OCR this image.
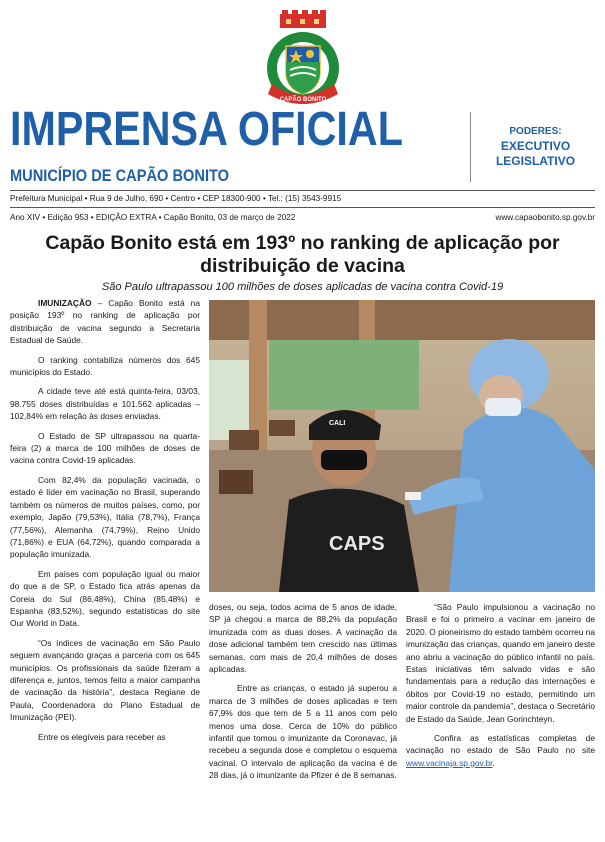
CAPÃO BONITO
IMPRENSA OFICIAL
MUNICÍPIO DE CAPÃO BONITO
PODERES:
EXECUTIVO
LEGISLATIVO
Prefeitura Municipal • Rua 9 de Julho, 690 • Centro • CEP 18300-900 • Tel.: (15) 3543-9915
Ano XIV • Edição 953 • EDIÇÃO EXTRA • Capão Bonito, 03 de março de 2022	www.capaobonito.sp.gov.br
Capão Bonito está em 193º no ranking de aplicação por distribuição de vacina
São Paulo ultrapassou 100 milhões de doses aplicadas de vacina contra Covid-19

IMUNIZAÇÃO – Capão Bonito está na posição 193º no ranking de aplicação por distribuição de vacina segundo a Secretaria Estadual de Saúde.

O ranking contabiliza números dos 645 municípios do Estado.

A cidade teve até está quinta-feira, 03/03, 98.755 doses distribuídas e 101.562 aplicadas – 102,84% em relação às doses enviadas.

O Estado de SP ultrapassou na quarta-feira (2) a marca de 100 milhões de doses de vacina contra Covid-19 aplicadas.

Com 82,4% da população vacinada, o estado é líder em vacinação no Brasil, superando também os números de muitos países, como, por exemplo, Japão (79,53%), Itália (78,7%), França (77,56%), Alemanha (74,79%), Reino Unido (71,86%) e EUA (64,72%), quando comparada a população imunizada.

Em países com população igual ou maior do que a de SP, o Estado fica atrás apenas da Coreia do Sul (86,48%), China (85,48%) e Espanha (83,52%), segundo estatísticas do site Our World in Data.

“Os índices de vacinação em São Paulo seguem avançando graças a parceria com os 645 municípios. Os profissionais da saúde fizeram a diferença e, juntos, temos feito a maior campanha de vacinação da história”, destaca Regiane de Paula, Coordenadora do Plano Estadual de Imunização (PEI).

Entre os elegíveis para receber as

CAPS
CALI

doses, ou seja, todos acima de 5 anos de idade, SP já chegou a marca de 88,2% da população imunizada com as duas doses. A vacinação da dose adicional também tem crescido nas últimas semanas, com mais de 20,4 milhões de doses aplicadas.

Entre as crianças, o estado já superou a marca de 3 milhões de doses aplicadas e tem 67,9% dos que tem de 5 a 11 anos com pelo menos uma dose. Cerca de 10% do público infantil que tomou o imunizante da Coronavac, já recebeu a segunda dose e completou o esquema vacinal. O intervalo de aplicação da vacina é de 28 dias, já o imunizante da Pfizer é de 8 semanas.

“São Paulo impulsionou a vacinação no Brasil e foi o primeiro a vacinar em janeiro de 2020. O pioneirismo do estado também ocorreu na imunização das crianças, quando em janeiro deste ano abriu a vacinação do público infantil no país. Estas iniciativas têm salvado vidas e são fundamentais para a redução das internações e óbitos por Covid-19 no estado, permitindo um maior controle da pandemia”, destaca o Secretário de Estado da Saúde, Jean Gorinchteyn.

Confira as estatísticas completas de vacinação no estado de São Paulo no site www.vacinaja.sp.gov.br.
